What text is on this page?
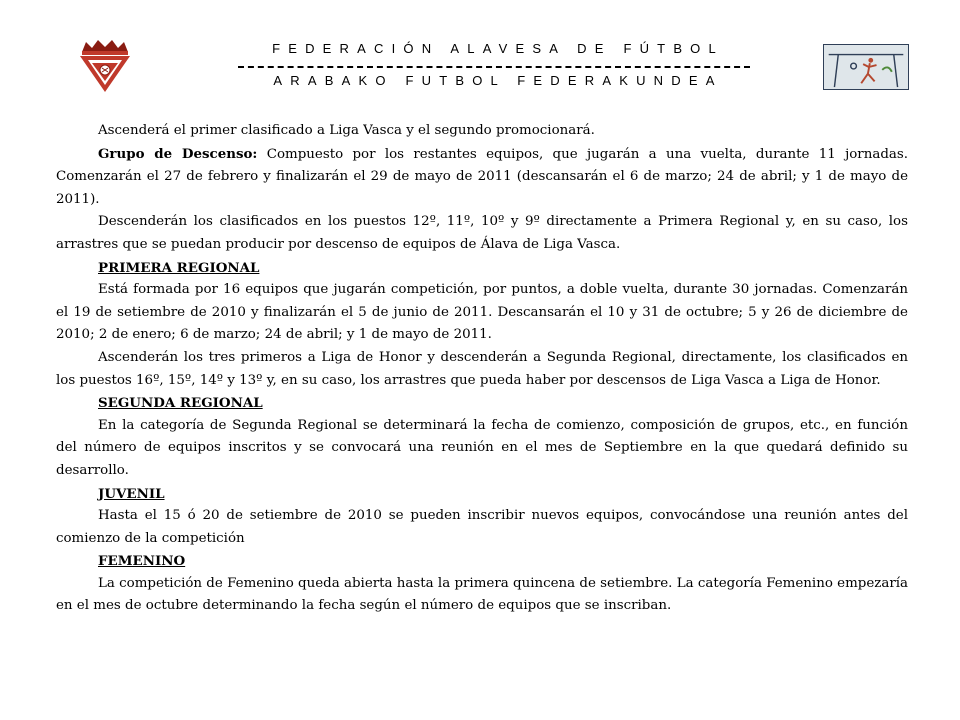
FEDERACIÓN ALAVESA DE FÚTBOL
ARABAKO FUTBOL FEDERAKUNDEA

Ascenderá el primer clasificado a Liga Vasca y el segundo promocionará.

Grupo de Descenso: Compuesto por los restantes equipos, que jugarán a una vuelta, durante 11 jornadas. Comenzarán el 27 de febrero y finalizarán el 29 de mayo de 2011 (descansarán el 6 de marzo; 24 de abril; y 1 de mayo de 2011).

Descenderán los clasificados en los puestos 12º, 11º, 10º y 9º directamente a Primera Regional y, en su caso, los arrastres que se puedan producir por descenso de equipos de Álava de Liga Vasca.

PRIMERA REGIONAL

Está formada por 16 equipos que jugarán competición, por puntos, a doble vuelta, durante 30 jornadas. Comenzarán el 19 de setiembre de 2010 y finalizarán el 5 de junio de 2011. Descansarán el 10 y 31 de octubre; 5 y 26 de diciembre de 2010; 2 de enero; 6 de marzo; 24 de abril; y 1 de mayo de 2011.

Ascenderán los tres primeros a Liga de Honor y descenderán a Segunda Regional, directamente, los clasificados en los puestos 16º, 15º, 14º y 13º y, en su caso, los arrastres que pueda haber por descensos de Liga Vasca a Liga de Honor.

SEGUNDA REGIONAL

En la categoría de Segunda Regional se determinará la fecha de comienzo, composición de grupos, etc., en función del número de equipos inscritos y se convocará una reunión en el mes de Septiembre en la que quedará definido su desarrollo.

JUVENIL

Hasta el 15 ó 20 de setiembre de 2010 se pueden inscribir nuevos equipos, convocándose una reunión antes del comienzo de la competición

FEMENINO

La competición de Femenino queda abierta hasta la primera quincena de setiembre. La categoría Femenino empezaría en el mes de octubre determinando la fecha según el número de equipos que se inscriban.
